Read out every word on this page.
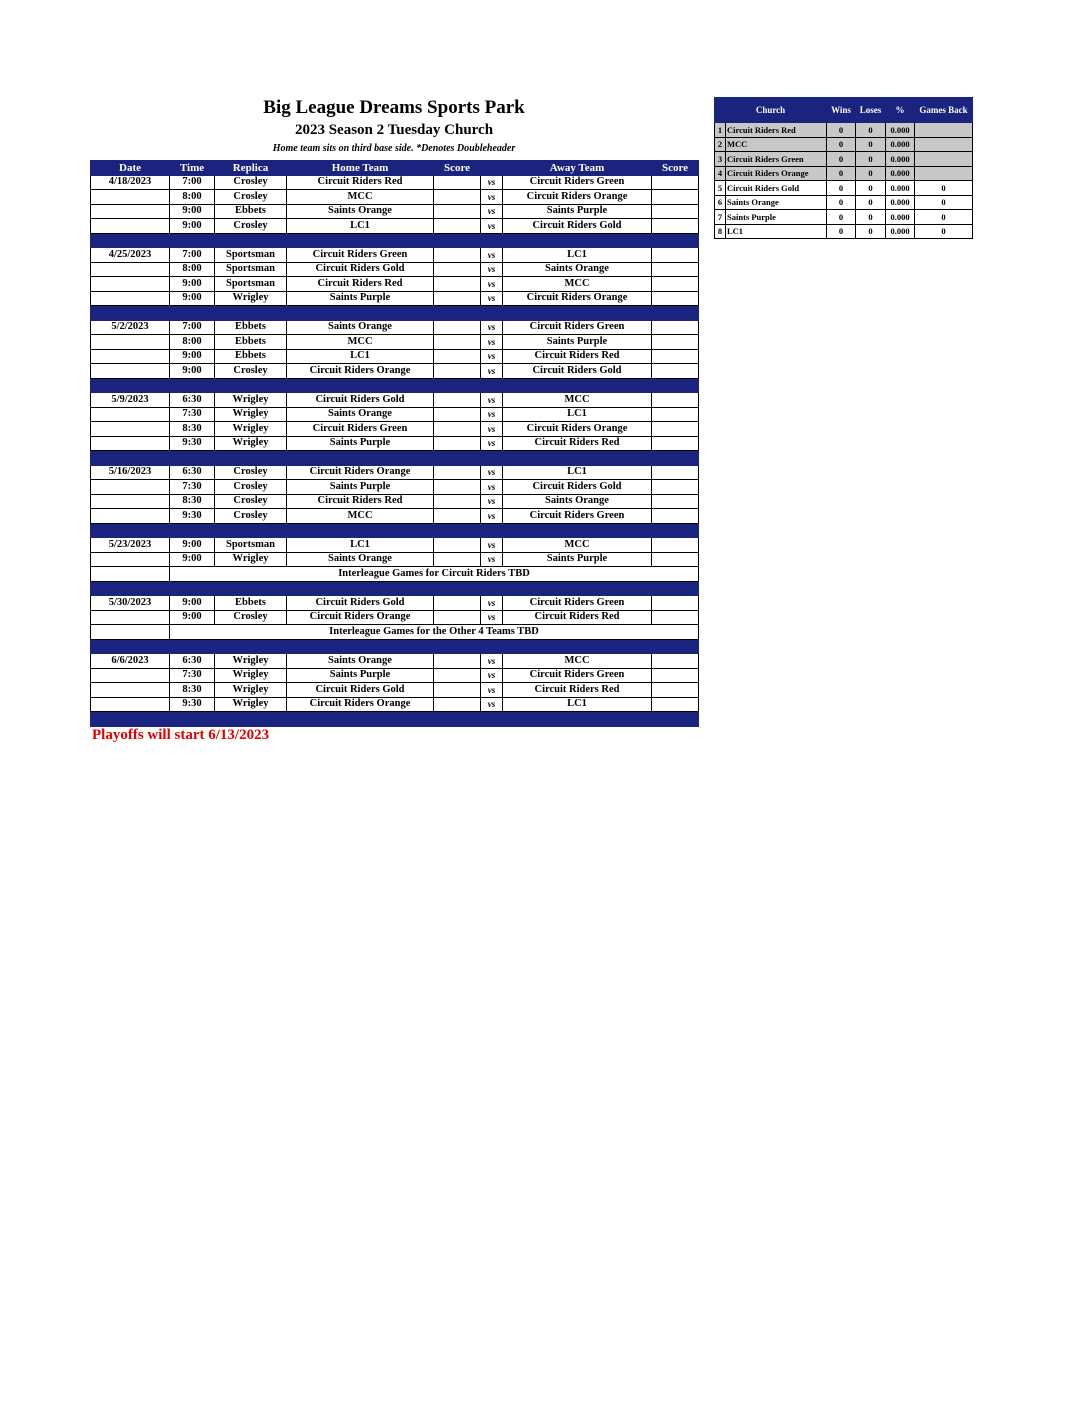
Big League Dreams Sports Park
2023 Season 2 Tuesday Church
Home team sits on third base side. *Denotes Doubleheader
Date	Time	Replica	Home Team	Score		Away Team	Score
4/18/2023	7:00	Crosley	Circuit Riders Red		vs	Circuit Riders Green	
	8:00	Crosley	MCC		vs	Circuit Riders Orange	
	9:00	Ebbets	Saints Orange		vs	Saints Purple	
	9:00	Crosley	LC1		vs	Circuit Riders Gold	

4/25/2023	7:00	Sportsman	Circuit Riders Green		vs	LC1	
	8:00	Sportsman	Circuit Riders Gold		vs	Saints Orange	
	9:00	Sportsman	Circuit Riders Red		vs	MCC	
	9:00	Wrigley	Saints Purple		vs	Circuit Riders Orange	

5/2/2023	7:00	Ebbets	Saints Orange		vs	Circuit Riders Green	
	8:00	Ebbets	MCC		vs	Saints Purple	
	9:00	Ebbets	LC1		vs	Circuit Riders Red	
	9:00	Crosley	Circuit Riders Orange		vs	Circuit Riders Gold	

5/9/2023	6:30	Wrigley	Circuit Riders Gold		vs	MCC	
	7:30	Wrigley	Saints Orange		vs	LC1	
	8:30	Wrigley	Circuit Riders Green		vs	Circuit Riders Orange	
	9:30	Wrigley	Saints Purple		vs	Circuit Riders Red	

5/16/2023	6:30	Crosley	Circuit Riders Orange		vs	LC1	
	7:30	Crosley	Saints Purple		vs	Circuit Riders Gold	
	8:30	Crosley	Circuit Riders Red		vs	Saints Orange	
	9:30	Crosley	MCC		vs	Circuit Riders Green	

5/23/2023	9:00	Sportsman	LC1		vs	MCC	
	9:00	Wrigley	Saints Orange		vs	Saints Purple	
	Interleague Games for Circuit Riders TBD						

5/30/2023	9:00	Ebbets	Circuit Riders Gold		vs	Circuit Riders Green	
	9:00	Crosley	Circuit Riders Orange		vs	Circuit Riders Red	
	Interleague Games for the Other 4 Teams TBD						

6/6/2023	6:30	Wrigley	Saints Orange		vs	MCC	
	7:30	Wrigley	Saints Purple		vs	Circuit Riders Green	
	8:30	Wrigley	Circuit Riders Gold		vs	Circuit Riders Red	
	9:30	Wrigley	Circuit Riders Orange		vs	LC1	

Church		Wins	Loses	%	Games Back
1	Circuit Riders Red	0	0	0.000	
2	MCC	0	0	0.000	
3	Circuit Riders Green	0	0	0.000	
4	Circuit Riders Orange	0	0	0.000	
5	Circuit Riders Gold	0	0	0.000	0
6	Saints Orange	0	0	0.000	0
7	Saints Purple	0	0	0.000	0
8	LC1	0	0	0.000	0
Playoffs will start 6/13/2023
